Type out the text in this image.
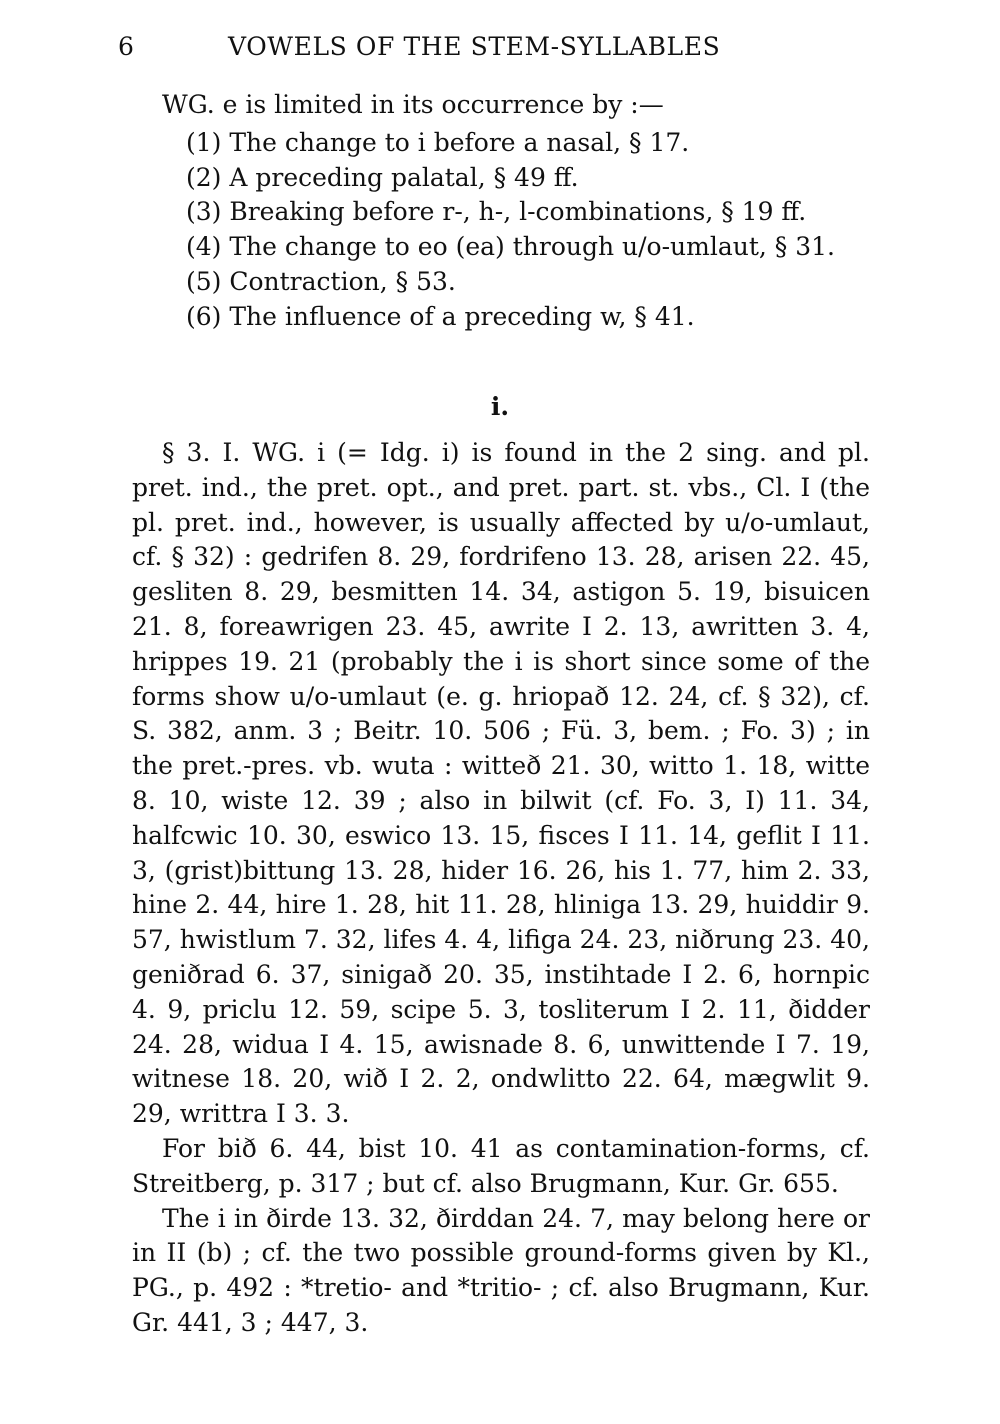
6	VOWELS OF THE STEM-SYLLABLES
WG. e is limited in its occurrence by :—
(1) The change to i before a nasal, § 17.
(2) A preceding palatal, § 49 ff.
(3) Breaking before r-, h-, l-combinations, § 19 ff.
(4) The change to eo (ea) through u/o-umlaut, § 31.
(5) Contraction, § 53.
(6) The influence of a preceding w, § 41.
i.

§ 3. I. WG. i (= Idg. i) is found in the 2 sing. and pl. pret. ind., the pret. opt., and pret. part. st. vbs., Cl. I (the pl. pret. ind., however, is usually affected by u/o-umlaut, cf. § 32) : gedrifen 8. 29, fordrifeno 13. 28, arisen 22. 45, gesliten 8. 29, besmitten 14. 34, astigon 5. 19, bisuicen 21. 8, foreawrigen 23. 45, awrite I 2. 13, awritten 3. 4, hrippes 19. 21 (probably the i is short since some of the forms show u/o-umlaut (e. g. hriopað 12. 24, cf. § 32), cf. S. 382, anm. 3 ; Beitr. 10. 506 ; Fü. 3, bem. ; Fo. 3) ; in the pret.-pres. vb. wuta : witteð 21. 30, witto 1. 18, witte 8. 10, wiste 12. 39 ; also in bilwit (cf. Fo. 3, I) 11. 34, halfcwic 10. 30, eswico 13. 15, fisces I 11. 14, geflit I 11. 3, (grist)bittung 13. 28, hider 16. 26, his 1. 77, him 2. 33, hine 2. 44, hire 1. 28, hit 11. 28, hliniga 13. 29, huiddir 9. 57, hwistlum 7. 32, lifes 4. 4, lifiga 24. 23, niðrung 23. 40, geniðrad 6. 37, sinigað 20. 35, instihtade I 2. 6, hornpic 4. 9, priclu 12. 59, scipe 5. 3, tosliterum I 2. 11, ðidder 24. 28, widua I 4. 15, awisnade 8. 6, unwittende I 7. 19, witnese 18. 20, wið I 2. 2, ondwlitto 22. 64, mægwlit 9. 29, writtra I 3. 3.

For bið 6. 44, bist 10. 41 as contamination-forms, cf. Streitberg, p. 317 ; but cf. also Brugmann, Kur. Gr. 655.

The i in ðirde 13. 32, ðirddan 24. 7, may belong here or in II (b) ; cf. the two possible ground-forms given by Kl., PG., p. 492 : *tretio- and *tritio- ; cf. also Brugmann, Kur. Gr. 441, 3 ; 447, 3.
